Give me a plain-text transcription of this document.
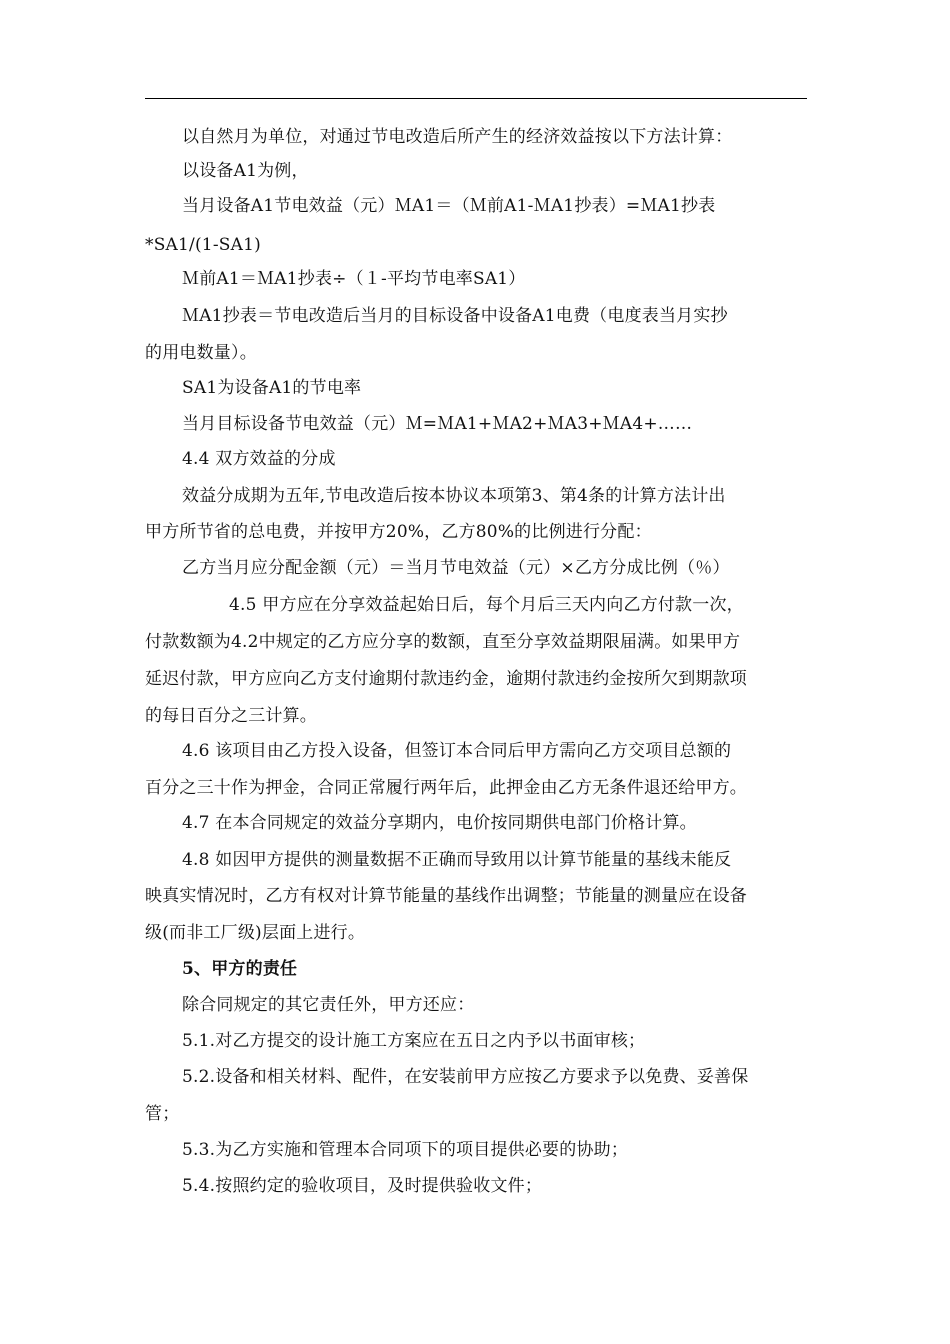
以自然月为单位，对通过节电改造后所产生的经济效益按以下方法计算：
以设备A1为例，
当月设备A1节电效益（元）ＭA1＝（Ｍ前A1-ＭA1抄表）=ＭA1抄表
*SA1/(1-SA1)
Ｍ前A1＝ＭA1抄表÷（１-平均节电率SA1）
ＭA1抄表＝节电改造后当月的目标设备中设备A1电费（电度表当月实抄
的用电数量）。
SA1为设备A1的节电率
当月目标设备节电效益（元）Ｍ=ＭA1+ＭA2+ＭA3+ＭA4+……
4.4 双方效益的分成
效益分成期为五年,节电改造后按本协议本项第3、第4条的计算方法计出
甲方所节省的总电费，并按甲方20%，乙方80%的比例进行分配：
乙方当月应分配金额（元）＝当月节电效益（元）×乙方分成比例（％）
4.5 甲方应在分享效益起始日后，每个月后三天内向乙方付款一次，
付款数额为4.2中规定的乙方应分享的数额，直至分享效益期限届满。如果甲方
延迟付款，甲方应向乙方支付逾期付款违约金，逾期付款违约金按所欠到期款项
的每日百分之三计算。
4.6 该项目由乙方投入设备，但签订本合同后甲方需向乙方交项目总额的
百分之三十作为押金，合同正常履行两年后，此押金由乙方无条件退还给甲方。
4.7 在本合同规定的效益分享期内，电价按同期供电部门价格计算。
4.8 如因甲方提供的测量数据不正确而导致用以计算节能量的基线未能反
映真实情况时，乙方有权对计算节能量的基线作出调整；节能量的测量应在设备
级(而非工厂级)层面上进行。
5、甲方的责任
除合同规定的其它责任外，甲方还应：
5.1.对乙方提交的设计施工方案应在五日之内予以书面审核；
5.2.设备和相关材料、配件，在安装前甲方应按乙方要求予以免费、妥善保
管；
5.3.为乙方实施和管理本合同项下的项目提供必要的协助；
5.4.按照约定的验收项目，及时提供验收文件；
